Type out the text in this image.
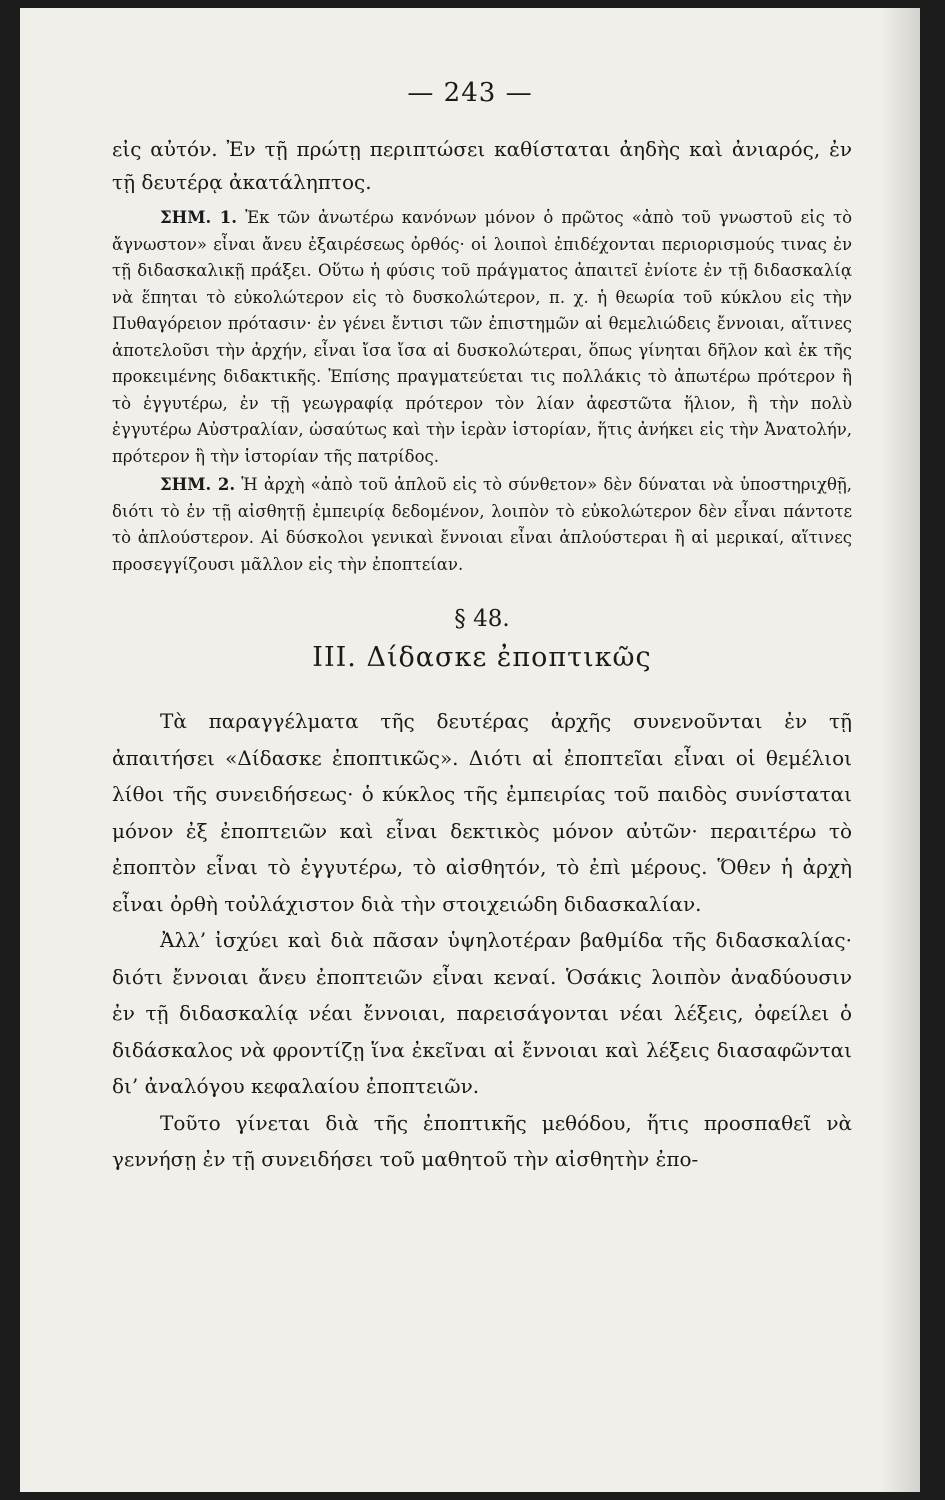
— 243 —

εἰς αὐτόν. Ἐν τῇ πρώτῃ περιπτώσει καθίσταται ἀηδὴς καὶ ἀνιαρός, ἐν τῇ δευτέρᾳ ἀκατάληπτος.

ΣΗΜ. 1. Ἐκ τῶν ἀνωτέρω κανόνων μόνον ὁ πρῶτος «ἀπὸ τοῦ γνωστοῦ εἰς τὸ ἄγνωστον» εἶναι ἄνευ ἐξαιρέσεως ὀρθός· οἱ λοιποὶ ἐπιδέχονται περιορισμούς τινας ἐν τῇ διδασκαλικῇ πράξει. Οὕτω ἡ φύσις τοῦ πράγματος ἀπαιτεῖ ἐνίοτε ἐν τῇ διδασκαλίᾳ νὰ ἕπηται τὸ εὐκολώτερον εἰς τὸ δυσκολώτερον, π. χ. ἡ θεωρία τοῦ κύκλου εἰς τὴν Πυθαγόρειον πρότασιν· ἐν γένει ἔντισι τῶν ἐπιστημῶν αἱ θεμελιώδεις ἔννοιαι, αἵτινες ἀποτελοῦσι τὴν ἀρχήν, εἶναι ἴσα ἴσα αἱ δυσκολώτεραι, ὅπως γίνηται δῆλον καὶ ἐκ τῆς προκειμένης διδακτικῆς. Ἐπίσης πραγματεύεται τις πολλάκις τὸ ἀπωτέρω πρότερον ἢ τὸ ἐγγυτέρω, ἐν τῇ γεωγραφίᾳ πρότερον τὸν λίαν ἀφεστῶτα ἥλιον, ἢ τὴν πολὺ ἐγγυτέρω Αὐστραλίαν, ὡσαύτως καὶ τὴν ἱερὰν ἱστορίαν, ἥτις ἀνήκει εἰς τὴν Ἀνατολήν, πρότερον ἢ τὴν ἱστορίαν τῆς πατρίδος.

ΣΗΜ. 2. Ἡ ἀρχὴ «ἀπὸ τοῦ ἁπλοῦ εἰς τὸ σύνθετον» δὲν δύναται νὰ ὑποστηριχθῇ, διότι τὸ ἐν τῇ αἰσθητῇ ἐμπειρίᾳ δεδομένον, λοιπὸν τὸ εὐκολώτερον δὲν εἶναι πάντοτε τὸ ἁπλούστερον. Αἱ δύσκολοι γενικαὶ ἔννοιαι εἶναι ἁπλούστεραι ἢ αἱ μερικαί, αἵτινες προσεγγίζουσι μᾶλλον εἰς τὴν ἐποπτείαν.

§ 48.
ΙΙΙ. Δίδασκε ἐποπτικῶς

Τὰ παραγγέλματα τῆς δευτέρας ἀρχῆς συνενοῦνται ἐν τῇ ἀπαιτήσει «Δίδασκε ἐποπτικῶς». Διότι αἱ ἐποπτεῖαι εἶναι οἱ θεμέλιοι λίθοι τῆς συνειδήσεως· ὁ κύκλος τῆς ἐμπειρίας τοῦ παιδὸς συνίσταται μόνον ἐξ ἐποπτειῶν καὶ εἶναι δεκτικὸς μόνον αὐτῶν· περαιτέρω τὸ ἐποπτὸν εἶναι τὸ ἐγγυτέρω, τὸ αἰσθητόν, τὸ ἐπὶ μέρους. Ὅθεν ἡ ἀρχὴ εἶναι ὀρθὴ τοὐλάχιστον διὰ τὴν στοιχειώδη διδασκαλίαν.

Ἀλλ’ ἰσχύει καὶ διὰ πᾶσαν ὑψηλοτέραν βαθμίδα τῆς διδασκαλίας· διότι ἔννοιαι ἄνευ ἐποπτειῶν εἶναι κεναί. Ὁσάκις λοιπὸν ἀναδύουσιν ἐν τῇ διδασκαλίᾳ νέαι ἔννοιαι, παρεισάγονται νέαι λέξεις, ὀφείλει ὁ διδάσκαλος νὰ φροντίζῃ ἵνα ἐκεῖναι αἱ ἔννοιαι καὶ λέξεις διασαφῶνται δι’ ἀναλόγου κεφαλαίου ἐποπτειῶν.

Τοῦτο γίνεται διὰ τῆς ἐποπτικῆς μεθόδου, ἥτις προσπαθεῖ νὰ γεννήσῃ ἐν τῇ συνειδήσει τοῦ μαθητοῦ τὴν αἰσθητὴν ἐπο-
